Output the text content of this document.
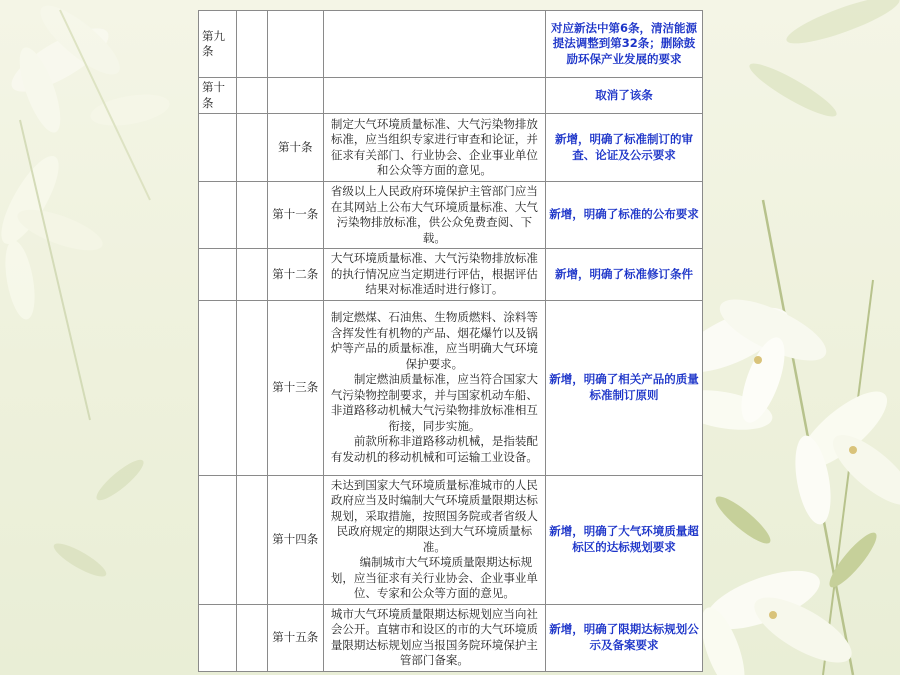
第九条				对应新法中第6条，清洁能源提法调整到第32条；删除鼓励环保产业发展的要求
第十条				取消了该条
		第十条	制定大气环境质量标准、大气污染物排放标准，应当组织专家进行审查和论证，并征求有关部门、行业协会、企业事业单位和公众等方面的意见。	新增，明确了标准制订的审查、论证及公示要求
		第十一条	省级以上人民政府环境保护主管部门应当在其网站上公布大气环境质量标准、大气污染物排放标准，供公众免费查阅、下载。	新增，明确了标准的公布要求
		第十二条	大气环境质量标准、大气污染物排放标准的执行情况应当定期进行评估，根据评估结果对标准适时进行修订。	新增，明确了标准修订条件
		第十三条	制定燃煤、石油焦、生物质燃料、涂料等含挥发性有机物的产品、烟花爆竹以及锅炉等产品的质量标准，应当明确大气环境保护要求。
制定燃油质量标准，应当符合国家大气污染物控制要求，并与国家机动车船、非道路移动机械大气污染物排放标准相互衔接，同步实施。
前款所称非道路移动机械，是指装配有发动机的移动机械和可运输工业设备。	新增，明确了相关产品的质量标准制订原则
		第十四条	未达到国家大气环境质量标准城市的人民政府应当及时编制大气环境质量限期达标规划，采取措施，按照国务院或者省级人民政府规定的期限达到大气环境质量标准。
编制城市大气环境质量限期达标规划，应当征求有关行业协会、企业事业单位、专家和公众等方面的意见。	新增，明确了大气环境质量超标区的达标规划要求
		第十五条	城市大气环境质量限期达标规划应当向社会公开。直辖市和设区的市的大气环境质量限期达标规划应当报国务院环境保护主管部门备案。	新增，明确了限期达标规划公示及备案要求
